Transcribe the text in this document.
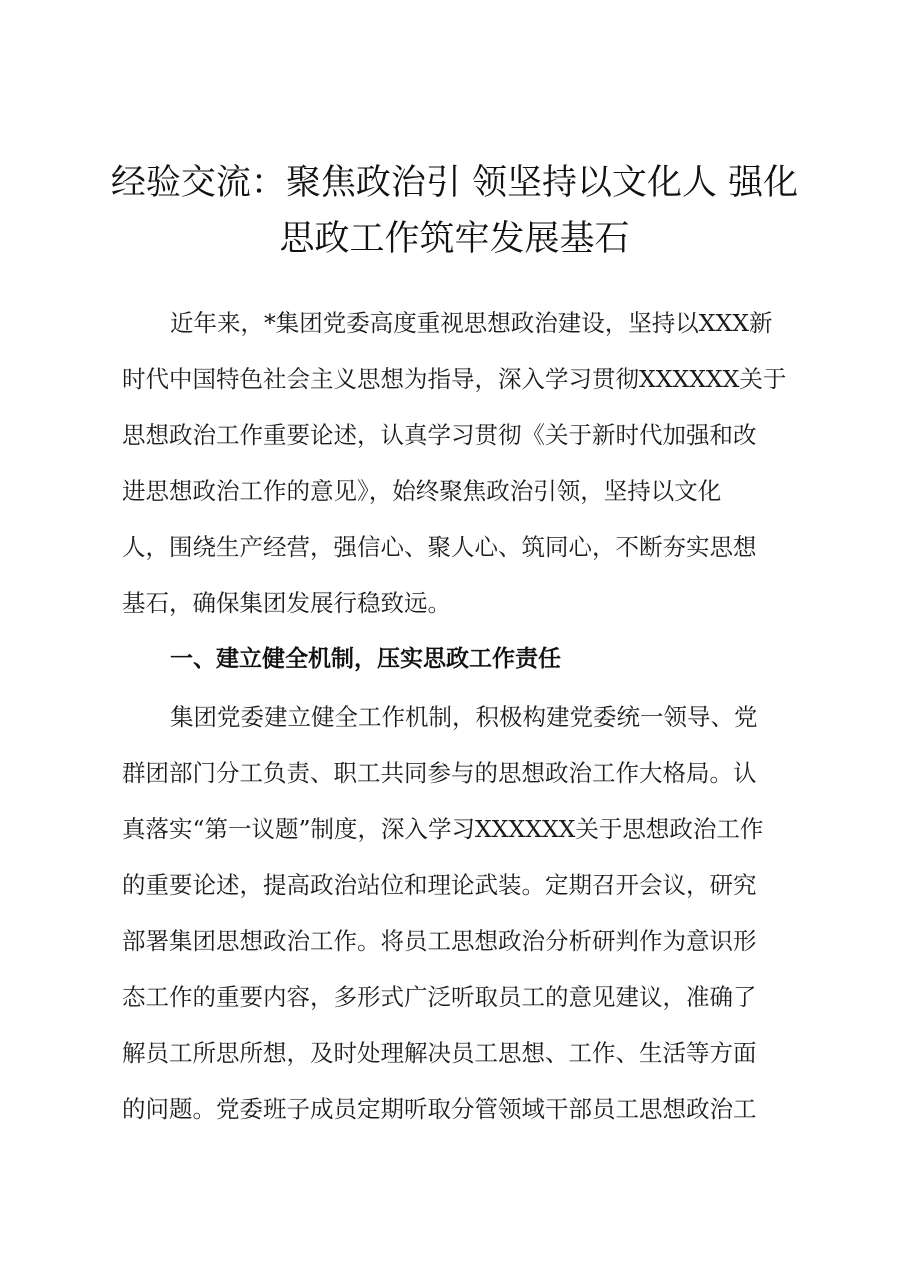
经验交流：聚焦政治引 领坚持以文化人 强化
思政工作筑牢发展基石
近年来，*集团党委高度重视思想政治建设，坚持以XXX新
时代中国特色社会主义思想为指导，深入学习贯彻XXXXXX关于
思想政治工作重要论述，认真学习贯彻《关于新时代加强和改
进思想政治工作的意见》，始终聚焦政治引领，坚持以文化
人，围绕生产经营，强信心、聚人心、筑同心，不断夯实思想
基石，确保集团发展行稳致远。
一、建立健全机制，压实思政工作责任
集团党委建立健全工作机制，积极构建党委统一领导、党
群团部门分工负责、职工共同参与的思想政治工作大格局。认
真落实“第一议题”制度，深入学习XXXXXX关于思想政治工作
的重要论述，提高政治站位和理论武装。定期召开会议，研究
部署集团思想政治工作。将员工思想政治分析研判作为意识形
态工作的重要内容，多形式广泛听取员工的意见建议，准确了
解员工所思所想，及时处理解决员工思想、工作、生活等方面
的问题。党委班子成员定期听取分管领域干部员工思想政治工
